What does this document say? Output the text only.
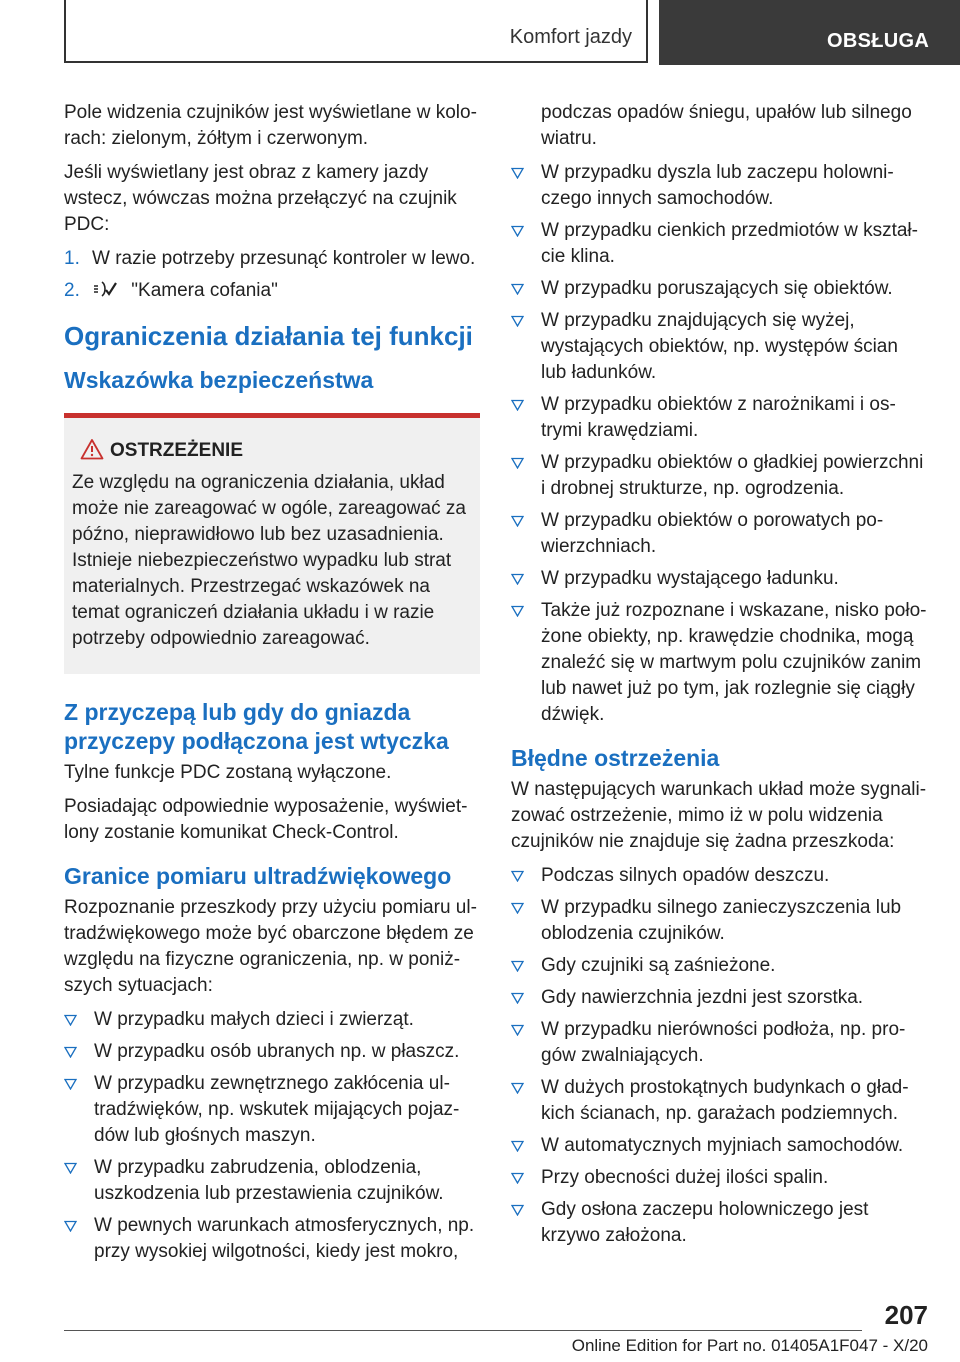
Komfort jazdy	OBSŁUGA

Pole widzenia czujników jest wyświetlane w kolorach: zielonym, żółtym i czerwonym.

Jeśli wyświetlany jest obraz z kamery jazdy wstecz, wówczas można przełączyć na czujnik PDC:

1. W razie potrzeby przesunąć kontroler w lewo.
2.	"Kamera cofania"
Ograniczenia działania tej funkcji
Wskazówka bezpieczeństwa
OSTRZEŻENIE
Ze względu na ograniczenia działania, układ może nie zareagować w ogóle, zareagować za późno, nieprawidłowo lub bez uzasadnienia. Istnieje niebezpieczeństwo wypadku lub strat materialnych. Przestrzegać wskazówek na temat ograniczeń działania układu i w razie potrzeby odpowiednio zareagować.
Z przyczepą lub gdy do gniazda przyczepy podłączona jest wtyczka

Tylne funkcje PDC zostaną wyłączone.

Posiadając odpowiednie wyposażenie, wyświetlony zostanie komunikat Check-Control.

Granice pomiaru ultradźwiękowego

Rozpoznanie przeszkody przy użyciu pomiaru ultradźwiękowego może być obarczone błędem ze względu na fizyczne ograniczenia, np. w poniższych sytuacjach:

W przypadku małych dzieci i zwierząt.
W przypadku osób ubranych np. w płaszcz.
W przypadku zewnętrznego zakłócenia ultradźwięków, np. wskutek mijających pojazdów lub głośnych maszyn.
W przypadku zabrudzenia, oblodzenia, uszkodzenia lub przestawienia czujników.
W pewnych warunkach atmosferycznych, np. przy wysokiej wilgotności, kiedy jest mokro,

podczas opadów śniegu, upałów lub silnego wiatru.

W przypadku dyszla lub zaczepu holowniczego innych samochodów.
W przypadku cienkich przedmiotów w kształcie klina.
W przypadku poruszających się obiektów.
W przypadku znajdujących się wyżej, wystających obiektów, np. występów ścian lub ładunków.
W przypadku obiektów z narożnikami i ostrymi krawędziami.
W przypadku obiektów o gładkiej powierzchni i drobnej strukturze, np. ogrodzenia.
W przypadku obiektów o porowatych powierzchniach.
W przypadku wystającego ładunku.
Także już rozpoznane i wskazane, nisko położone obiekty, np. krawędzie chodnika, mogą znaleźć się w martwym polu czujników zanim lub nawet już po tym, jak rozlegnie się ciągły dźwięk.
Błędne ostrzeżenia

W następujących warunkach układ może sygnalizować ostrzeżenie, mimo iż w polu widzenia czujników nie znajduje się żadna przeszkoda:

Podczas silnych opadów deszczu.
W przypadku silnego zanieczyszczenia lub oblodzenia czujników.
Gdy czujniki są zaśnieżone.
Gdy nawierzchnia jezdni jest szorstka.
W przypadku nierówności podłoża, np. progów zwalniających.
W dużych prostokątnych budynkach o gładkich ścianach, np. garażach podziemnych.
W automatycznych myjniach samochodów.
Przy obecności dużej ilości spalin.
Gdy osłona zaczepu holowniczego jest krzywo założona.
207
Online Edition for Part no. 01405A1F047 - X/20
